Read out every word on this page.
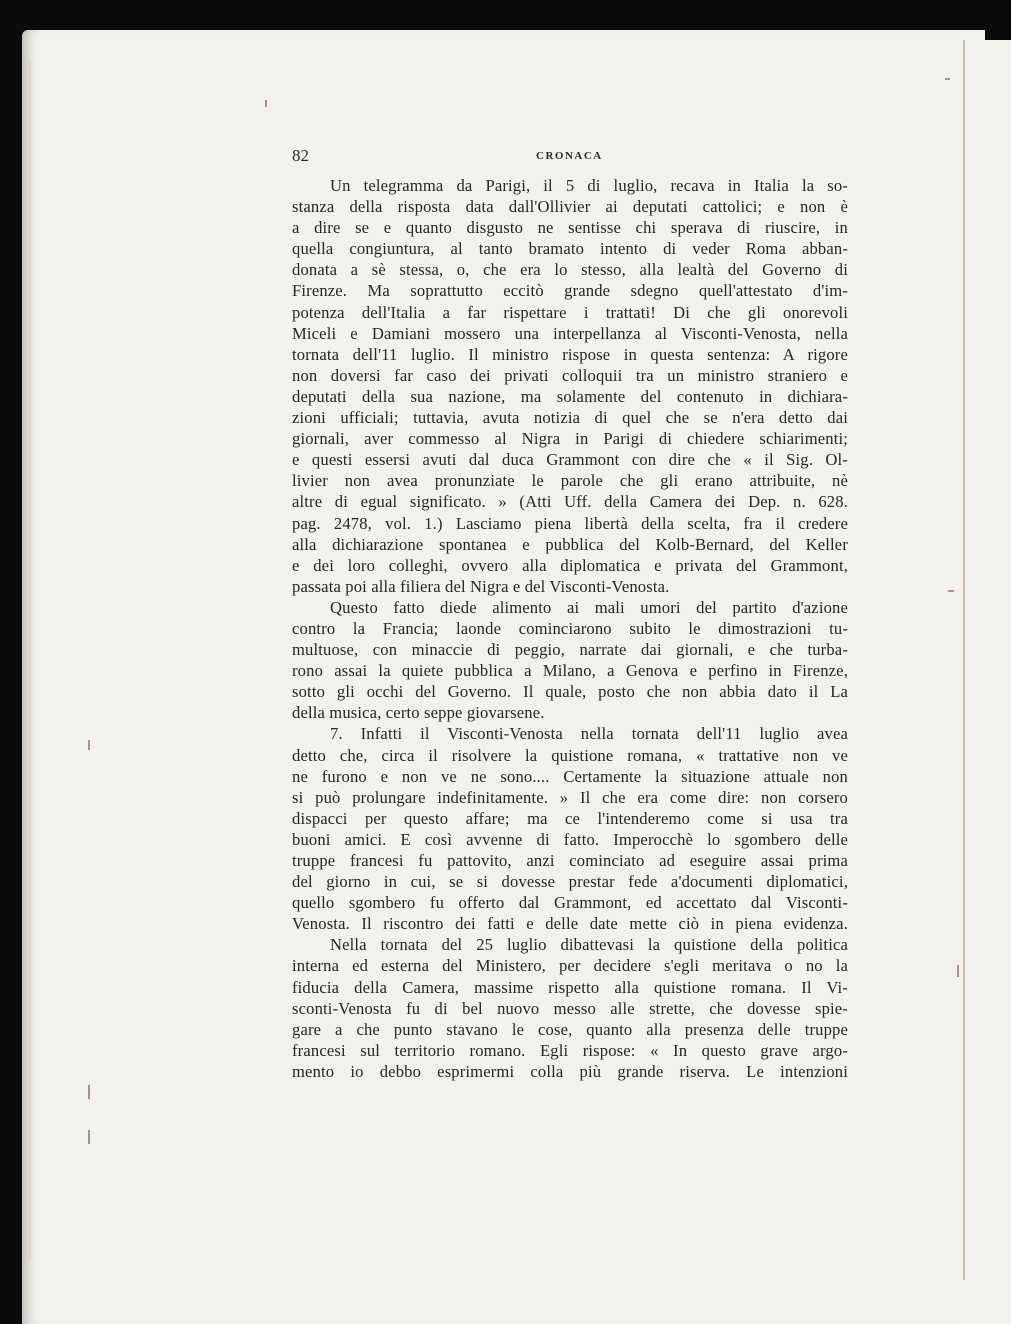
82	CRONACA
Un telegramma da Parigi, il 5 di luglio, recava in Italia la so-
stanza della risposta data dall'Ollivier ai deputati cattolici; e non è
a dire se e quanto disgusto ne sentisse chi sperava di riuscire, in
quella congiuntura, al tanto bramato intento di veder Roma abban-
donata a sè stessa, o, che era lo stesso, alla lealtà del Governo di
Firenze. Ma soprattutto eccitò grande sdegno quell'attestato d'im-
potenza dell'Italia a far rispettare i trattati! Di che gli onorevoli
Miceli e Damiani mossero una interpellanza al Visconti-Venosta, nella
tornata dell'11 luglio. Il ministro rispose in questa sentenza: A rigore
non doversi far caso dei privati colloquii tra un ministro straniero e
deputati della sua nazione, ma solamente del contenuto in dichiara-
zioni ufficiali; tuttavia, avuta notizia di quel che se n'era detto dai
giornali, aver commesso al Nigra in Parigi di chiedere schiarimenti;
e questi essersi avuti dal duca Grammont con dire che « il Sig. Ol-
livier non avea pronunziate le parole che gli erano attribuite, nè
altre di egual significato. » (Atti Uff. della Camera dei Dep. n. 628.
pag. 2478, vol. 1.) Lasciamo piena libertà della scelta, fra il credere
alla dichiarazione spontanea e pubblica del Kolb-Bernard, del Keller
e dei loro colleghi, ovvero alla diplomatica e privata del Grammont,
passata poi alla filiera del Nigra e del Visconti-Venosta.
Questo fatto diede alimento ai mali umori del partito d'azione
contro la Francia; laonde cominciarono subito le dimostrazioni tu-
multuose, con minaccie di peggio, narrate dai giornali, e che turba-
rono assai la quiete pubblica a Milano, a Genova e perfino in Firenze,
sotto gli occhi del Governo. Il quale, posto che non abbia dato il La
della musica, certo seppe giovarsene.
7. Infatti il Visconti-Venosta nella tornata dell'11 luglio avea
detto che, circa il risolvere la quistione romana, « trattative non ve
ne furono e non ve ne sono.... Certamente la situazione attuale non
si può prolungare indefinitamente. » Il che era come dire: non corsero
dispacci per questo affare; ma ce l'intenderemo come si usa tra
buoni amici. E così avvenne di fatto. Imperocchè lo sgombero delle
truppe francesi fu pattovito, anzi cominciato ad eseguire assai prima
del giorno in cui, se si dovesse prestar fede a'documenti diplomatici,
quello sgombero fu offerto dal Grammont, ed accettato dal Visconti-
Venosta. Il riscontro dei fatti e delle date mette ciò in piena evidenza.
Nella tornata del 25 luglio dibattevasi la quistione della politica
interna ed esterna del Ministero, per decidere s'egli meritava o no la
fiducia della Camera, massime rispetto alla quistione romana. Il Vi-
sconti-Venosta fu di bel nuovo messo alle strette, che dovesse spie-
gare a che punto stavano le cose, quanto alla presenza delle truppe
francesi sul territorio romano. Egli rispose: « In questo grave argo-
mento io debbo esprimermi colla più grande riserva. Le intenzioni
